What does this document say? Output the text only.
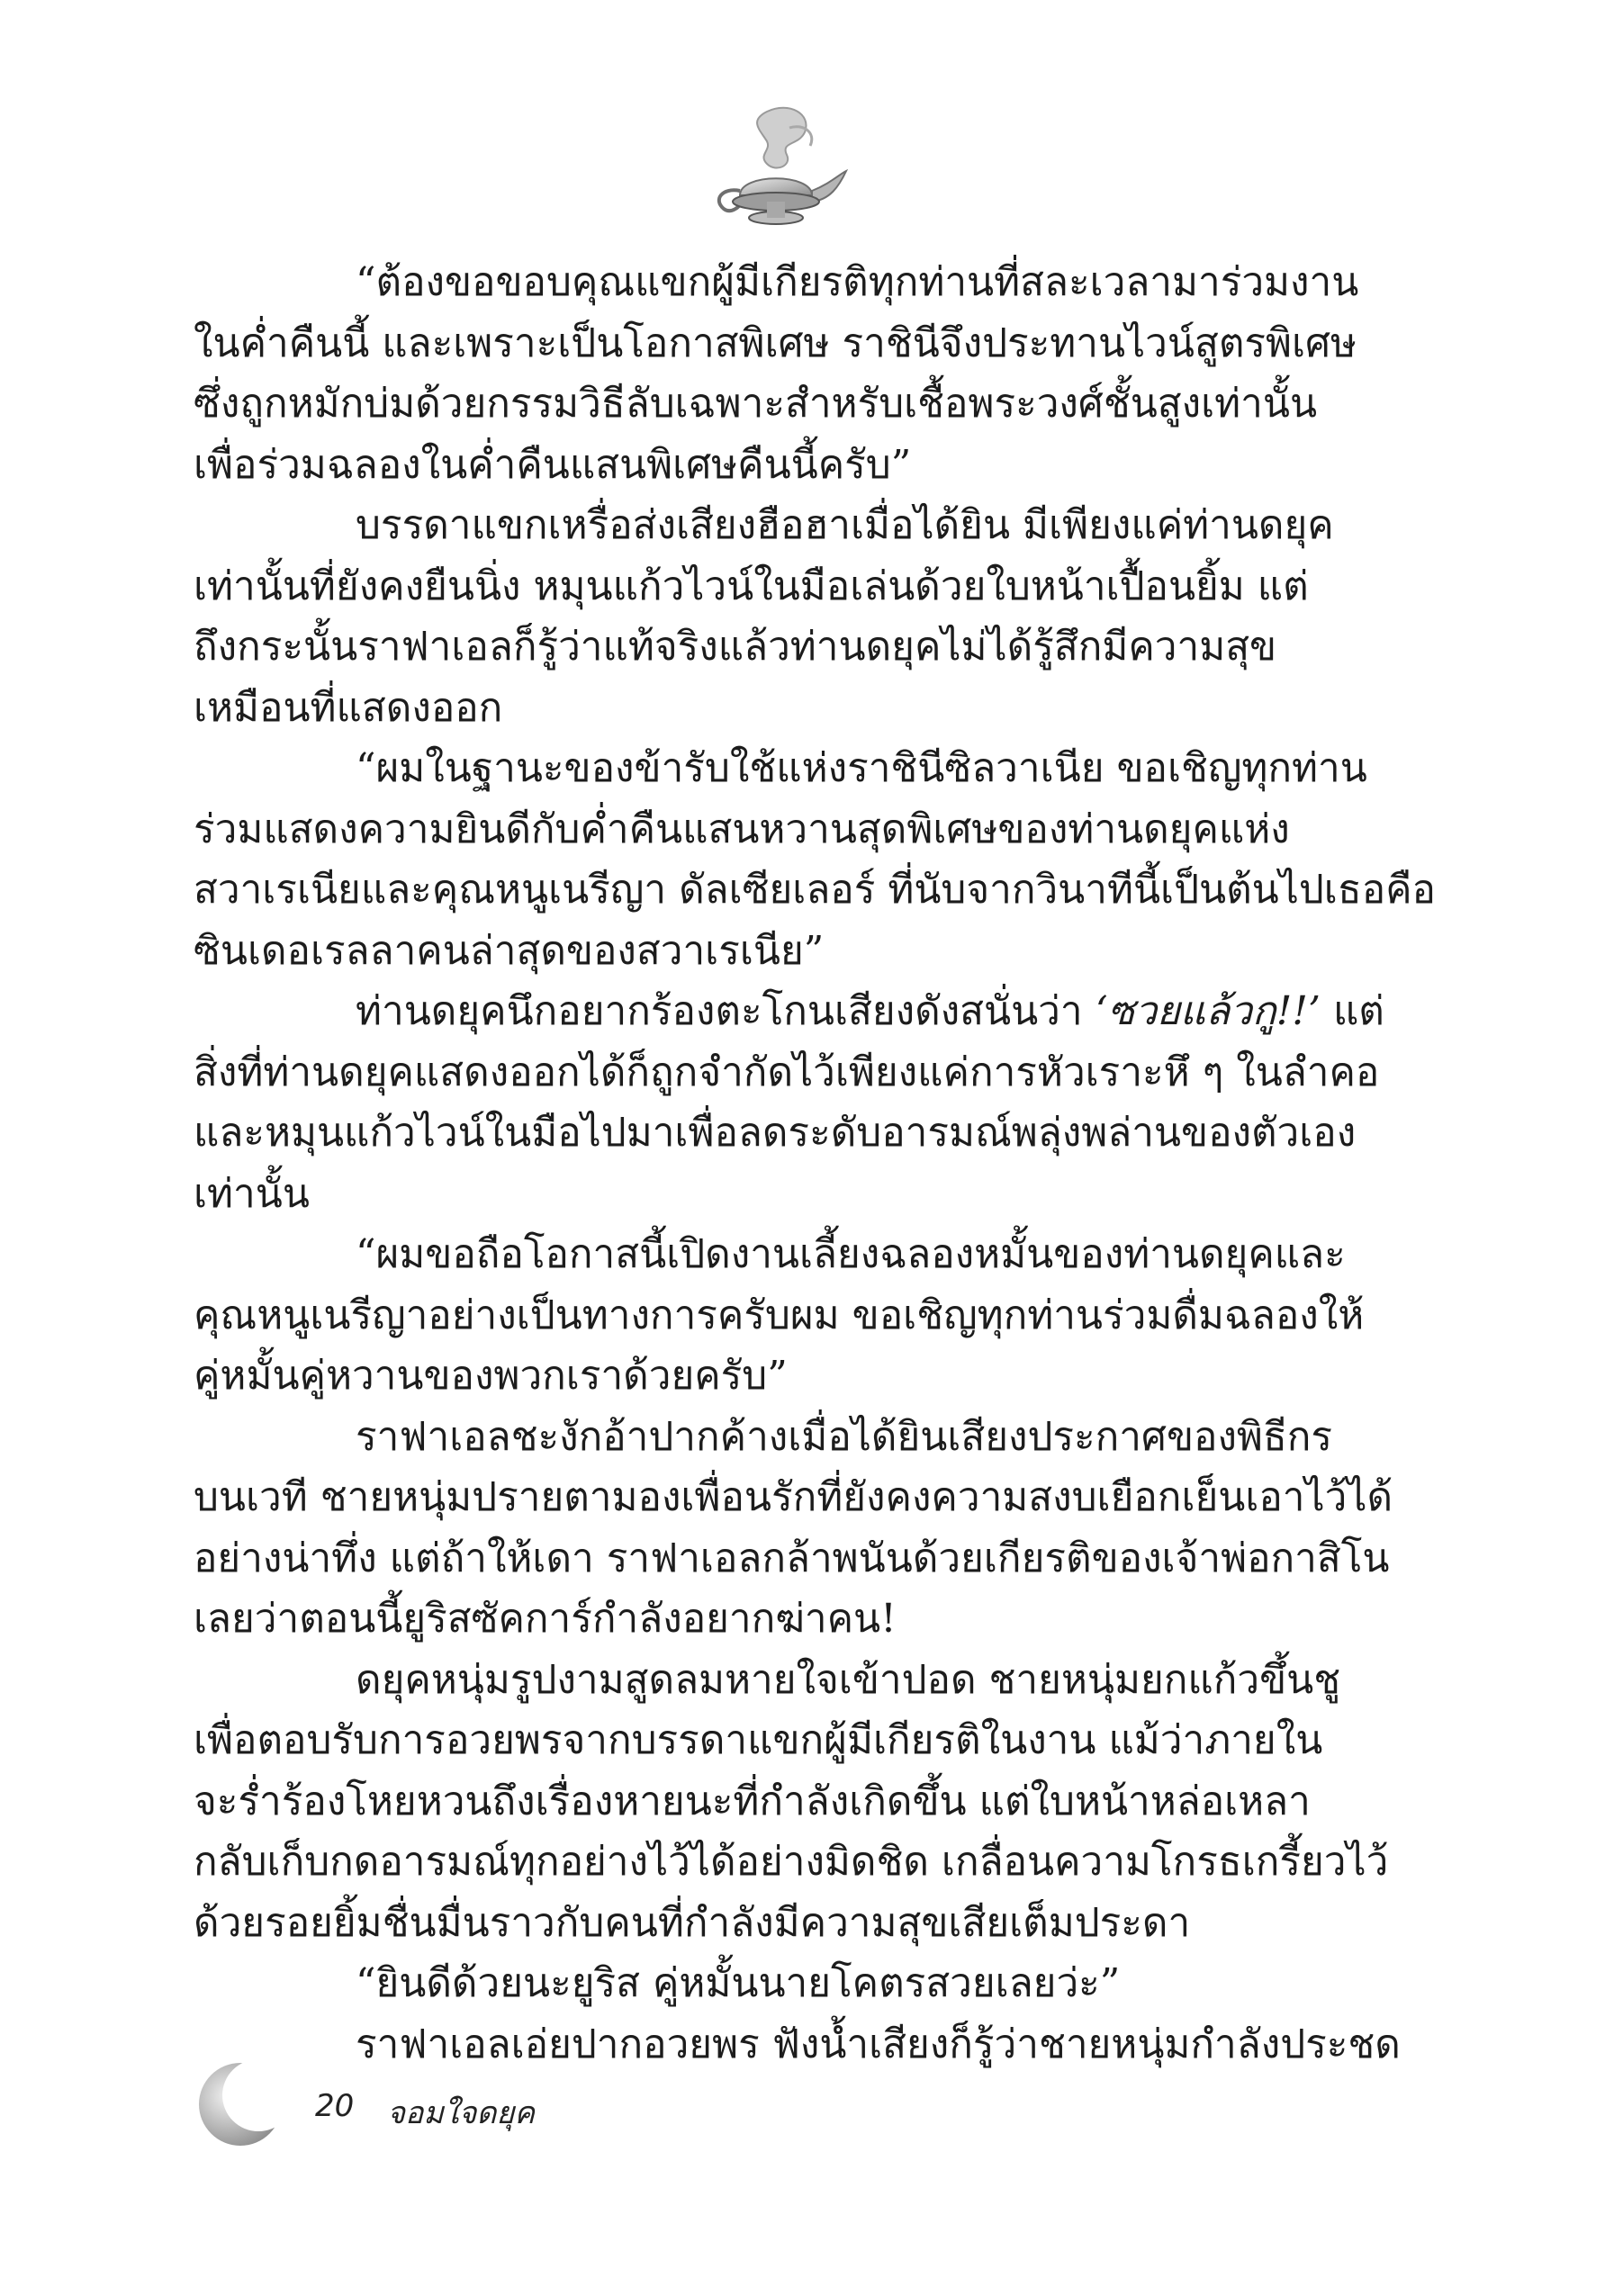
“ต้องขอขอบคุณแขกผู้มีเกียรติทุกท่านที่สละเวลามาร่วมงาน
ในค่ำคืนนี้ และเพราะเป็นโอกาสพิเศษ ราชินีจึงประทานไวน์สูตรพิเศษ
ซึ่งถูกหมักบ่มด้วยกรรมวิธีลับเฉพาะสำหรับเชื้อพระวงศ์ชั้นสูงเท่านั้น
เพื่อร่วมฉลองในค่ำคืนแสนพิเศษคืนนี้ครับ”

บรรดาแขกเหรื่อส่งเสียงฮือฮาเมื่อได้ยิน มีเพียงแค่ท่านดยุค
เท่านั้นที่ยังคงยืนนิ่ง หมุนแก้วไวน์ในมือเล่นด้วยใบหน้าเปื้อนยิ้ม แต่
ถึงกระนั้นราฟาเอลก็รู้ว่าแท้จริงแล้วท่านดยุคไม่ได้รู้สึกมีความสุข
เหมือนที่แสดงออก

“ผมในฐานะของข้ารับใช้แห่งราชินีซิลวาเนีย ขอเชิญทุกท่าน
ร่วมแสดงความยินดีกับค่ำคืนแสนหวานสุดพิเศษของท่านดยุคแห่ง
สวาเรเนียและคุณหนูเนรีญา ดัลเซียเลอร์ ที่นับจากวินาทีนี้เป็นต้นไปเธอคือ
ซินเดอเรลลาคนล่าสุดของสวาเรเนีย”

ท่านดยุคนึกอยากร้องตะโกนเสียงดังสนั่นว่า ‘ซวยแล้วกู!!’ แต่
สิ่งที่ท่านดยุคแสดงออกได้ก็ถูกจำกัดไว้เพียงแค่การหัวเราะหึ ๆ ในลำคอ
และหมุนแก้วไวน์ในมือไปมาเพื่อลดระดับอารมณ์พลุ่งพล่านของตัวเอง
เท่านั้น

“ผมขอถือโอกาสนี้เปิดงานเลี้ยงฉลองหมั้นของท่านดยุคและ
คุณหนูเนรีญาอย่างเป็นทางการครับผม ขอเชิญทุกท่านร่วมดื่มฉลองให้
คู่หมั้นคู่หวานของพวกเราด้วยครับ”

ราฟาเอลชะงักอ้าปากค้างเมื่อได้ยินเสียงประกาศของพิธีกร
บนเวที ชายหนุ่มปรายตามองเพื่อนรักที่ยังคงความสงบเยือกเย็นเอาไว้ได้
อย่างน่าทึ่ง แต่ถ้าให้เดา ราฟาเอลกล้าพนันด้วยเกียรติของเจ้าพ่อกาสิโน
เลยว่าตอนนี้ยูริสซัคการ์กำลังอยากฆ่าคน!

ดยุคหนุ่มรูปงามสูดลมหายใจเข้าปอด ชายหนุ่มยกแก้วขึ้นชู
เพื่อตอบรับการอวยพรจากบรรดาแขกผู้มีเกียรติในงาน แม้ว่าภายใน
จะร่ำร้องโหยหวนถึงเรื่องหายนะที่กำลังเกิดขึ้น แต่ใบหน้าหล่อเหลา
กลับเก็บกดอารมณ์ทุกอย่างไว้ได้อย่างมิดชิด เกลื่อนความโกรธเกรี้ยวไว้
ด้วยรอยยิ้มชื่นมื่นราวกับคนที่กำลังมีความสุขเสียเต็มประดา

“ยินดีด้วยนะยูริส คู่หมั้นนายโคตรสวยเลยว่ะ”

ราฟาเอลเอ่ยปากอวยพร ฟังน้ำเสียงก็รู้ว่าชายหนุ่มกำลังประชด

20 จอมใจดยุค
